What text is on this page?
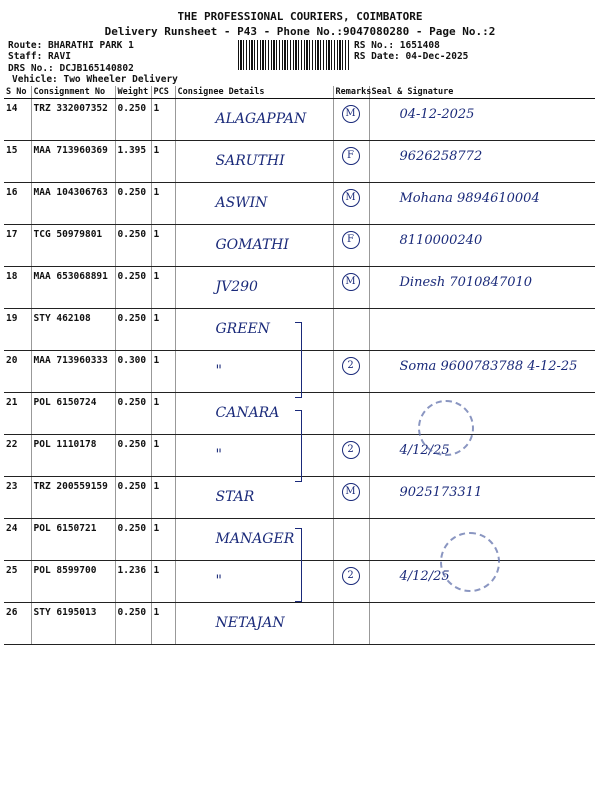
THE PROFESSIONAL COURIERS, COIMBATORE
Delivery Runsheet - P43 - Phone No.:9047080280 - Page No.:2
Route: BHARATHI PARK 1
Staff: RAVI
DRS No.: DCJB165140802
Vehicle: Two Wheeler Delivery
RS No.: 1651408
RS Date: 04-Dec-2025
S No	Consignment No	Weight	PCS	Consignee Details	Remarks	Seal & Signature
14	TRZ 332007352	0.250	1	ALAGAPPAN	M	04-12-2025

15	MAA 713960369	1.395	1	SARUTHI	F	9626258772

16	MAA 104306763	0.250	1	ASWIN	M	Mohana 9894610004

17	TCG 50979801	0.250	1	GOMATHI	F	8110000240

18	MAA 653068891	0.250	1	JV290	M	Dinesh 7010847010

19	STY 462108	0.250	1	GREEN		

20	MAA 713960333	0.300	1	"	2	Soma 9600783788 4-12-25

21	POL 6150724	0.250	1	CANARA		

22	POL 1110178	0.250	1	"	2	4/12/25

23	TRZ 200559159	0.250	1	STAR	M	9025173311

24	POL 6150721	0.250	1	MANAGER		

25	POL 8599700	1.236	1	"	2	4/12/25

26	STY 6195013	0.250	1	NETAJAN		
